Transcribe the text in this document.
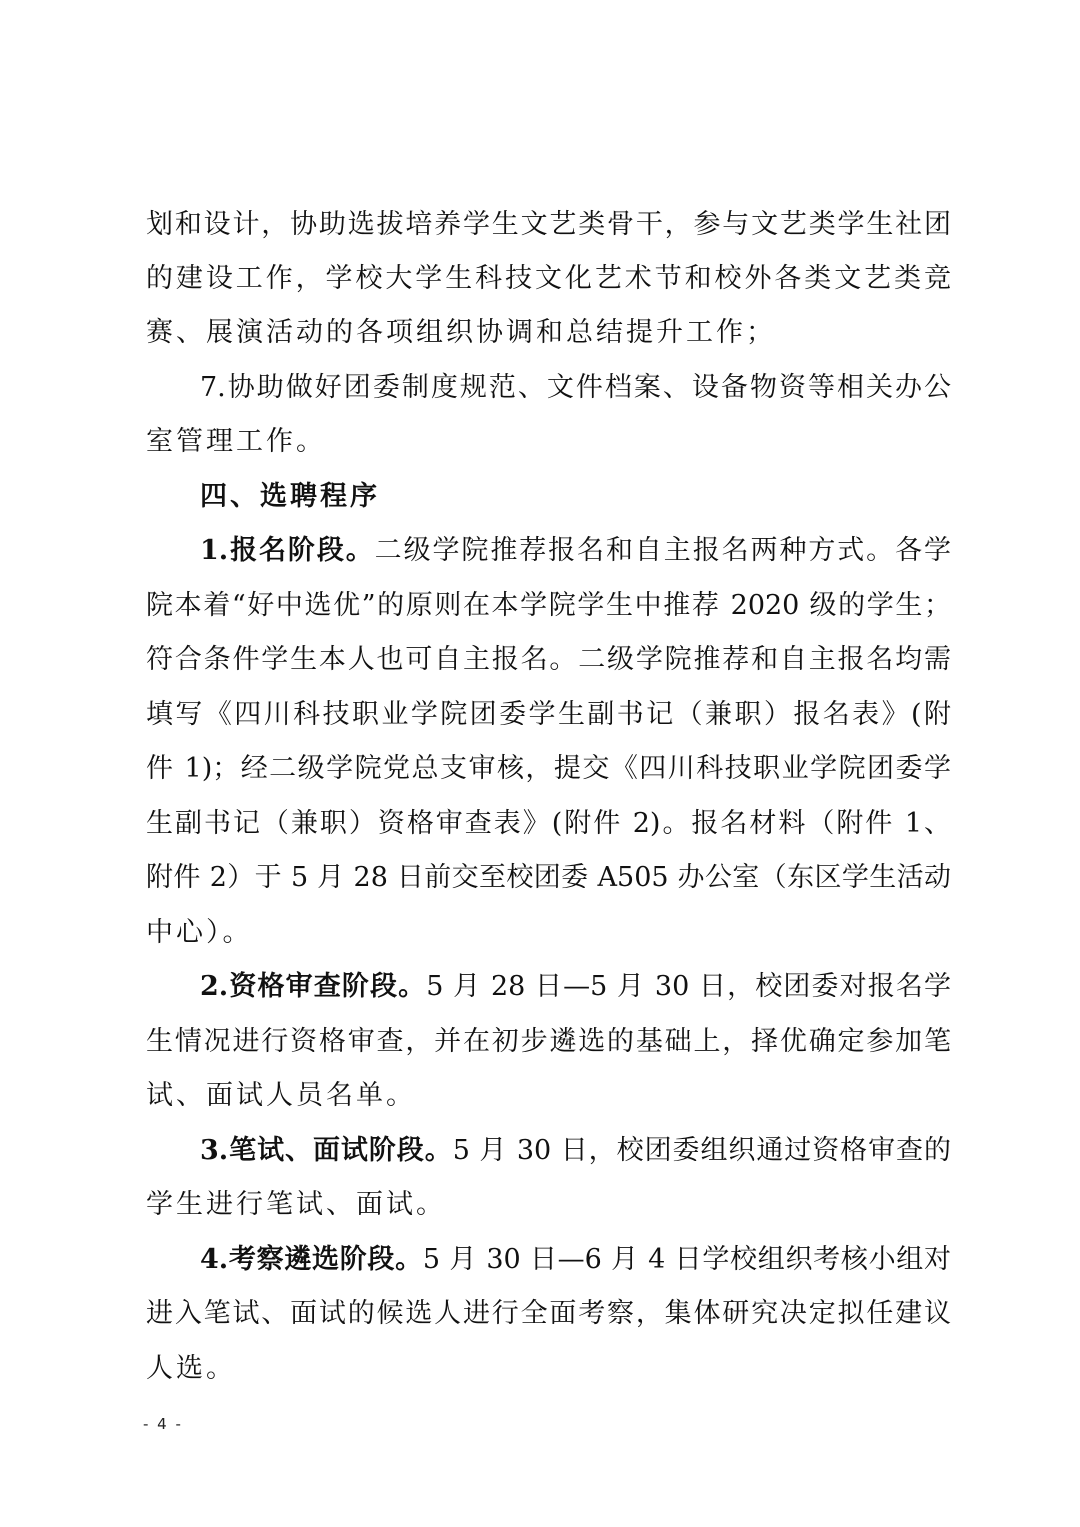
划和设计，协助选拔培养学生文艺类骨干，参与文艺类学生社团
的建设工作，学校大学生科技文化艺术节和校外各类文艺类竞
赛、展演活动的各项组织协调和总结提升工作；
7.协助做好团委制度规范、文件档案、设备物资等相关办公
室管理工作。
四、选聘程序
1.报名阶段。二级学院推荐报名和自主报名两种方式。各学
院本着“好中选优”的原则在本学院学生中推荐 2020 级的学生；
符合条件学生本人也可自主报名。二级学院推荐和自主报名均需
填写《四川科技职业学院团委学生副书记（兼职）报名表》(附
件 1)；经二级学院党总支审核，提交《四川科技职业学院团委学
生副书记（兼职）资格审查表》(附件 2)。报名材料（附件 1、
附件 2）于 5 月 28 日前交至校团委 A505 办公室（东区学生活动
中心）。
2.资格审查阶段。5 月 28 日—5 月 30 日，校团委对报名学
生情况进行资格审查，并在初步遴选的基础上，择优确定参加笔
试、面试人员名单。
3.笔试、面试阶段。5 月 30 日，校团委组织通过资格审查的
学生进行笔试、面试。
4.考察遴选阶段。5 月 30 日—6 月 4 日学校组织考核小组对
进入笔试、面试的候选人进行全面考察，集体研究决定拟任建议
人选。
- 4 -
